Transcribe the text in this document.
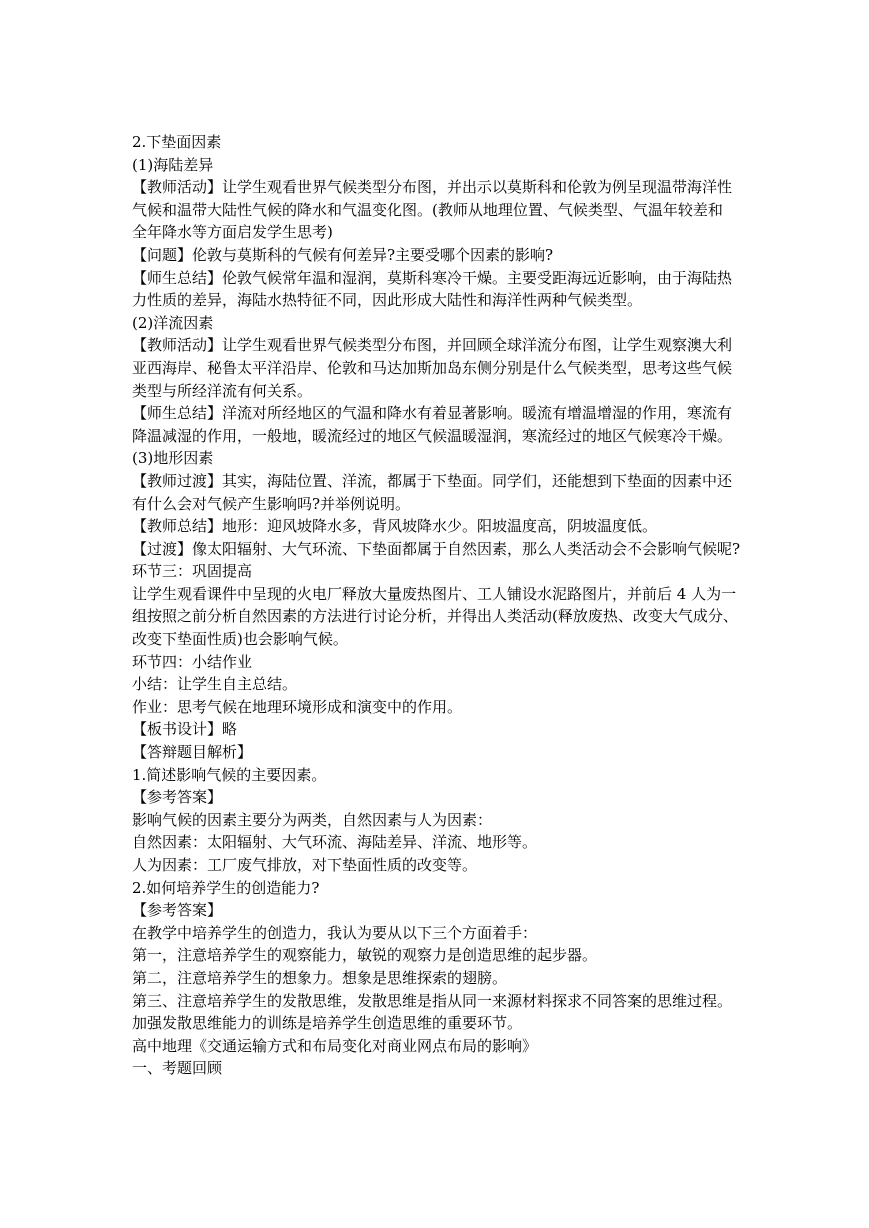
2.下垫面因素
(1)海陆差异
【教师活动】让学生观看世界气候类型分布图，并出示以莫斯科和伦敦为例呈现温带海洋性
气候和温带大陆性气候的降水和气温变化图。(教师从地理位置、气候类型、气温年较差和
全年降水等方面启发学生思考)
【问题】伦敦与莫斯科的气候有何差异?主要受哪个因素的影响?
【师生总结】伦敦气候常年温和湿润，莫斯科寒冷干燥。主要受距海远近影响，由于海陆热
力性质的差异，海陆水热特征不同，因此形成大陆性和海洋性两种气候类型。
(2)洋流因素
【教师活动】让学生观看世界气候类型分布图，并回顾全球洋流分布图，让学生观察澳大利
亚西海岸、秘鲁太平洋沿岸、伦敦和马达加斯加岛东侧分别是什么气候类型，思考这些气候
类型与所经洋流有何关系。
【师生总结】洋流对所经地区的气温和降水有着显著影响。暖流有增温增湿的作用，寒流有
降温减湿的作用，一般地，暖流经过的地区气候温暖湿润，寒流经过的地区气候寒冷干燥。
(3)地形因素
【教师过渡】其实，海陆位置、洋流，都属于下垫面。同学们，还能想到下垫面的因素中还
有什么会对气候产生影响吗?并举例说明。
【教师总结】地形：迎风坡降水多，背风坡降水少。阳坡温度高，阴坡温度低。
【过渡】像太阳辐射、大气环流、下垫面都属于自然因素，那么人类活动会不会影响气候呢?
环节三：巩固提高
让学生观看课件中呈现的火电厂释放大量废热图片、工人铺设水泥路图片，并前后 4 人为一
组按照之前分析自然因素的方法进行讨论分析，并得出人类活动(释放废热、改变大气成分、
改变下垫面性质)也会影响气候。
环节四：小结作业
小结：让学生自主总结。
作业：思考气候在地理环境形成和演变中的作用。
【板书设计】略
【答辩题目解析】
1.简述影响气候的主要因素。
【参考答案】
影响气候的因素主要分为两类，自然因素与人为因素：
自然因素：太阳辐射、大气环流、海陆差异、洋流、地形等。
人为因素：工厂废气排放，对下垫面性质的改变等。
2.如何培养学生的创造能力?
【参考答案】
在教学中培养学生的创造力，我认为要从以下三个方面着手：
第一，注意培养学生的观察能力，敏锐的观察力是创造思维的起步器。
第二，注意培养学生的想象力。想象是思维探索的翅膀。
第三、注意培养学生的发散思维，发散思维是指从同一来源材料探求不同答案的思维过程。
加强发散思维能力的训练是培养学生创造思维的重要环节。
高中地理《交通运输方式和布局变化对商业网点布局的影响》
一、考题回顾
